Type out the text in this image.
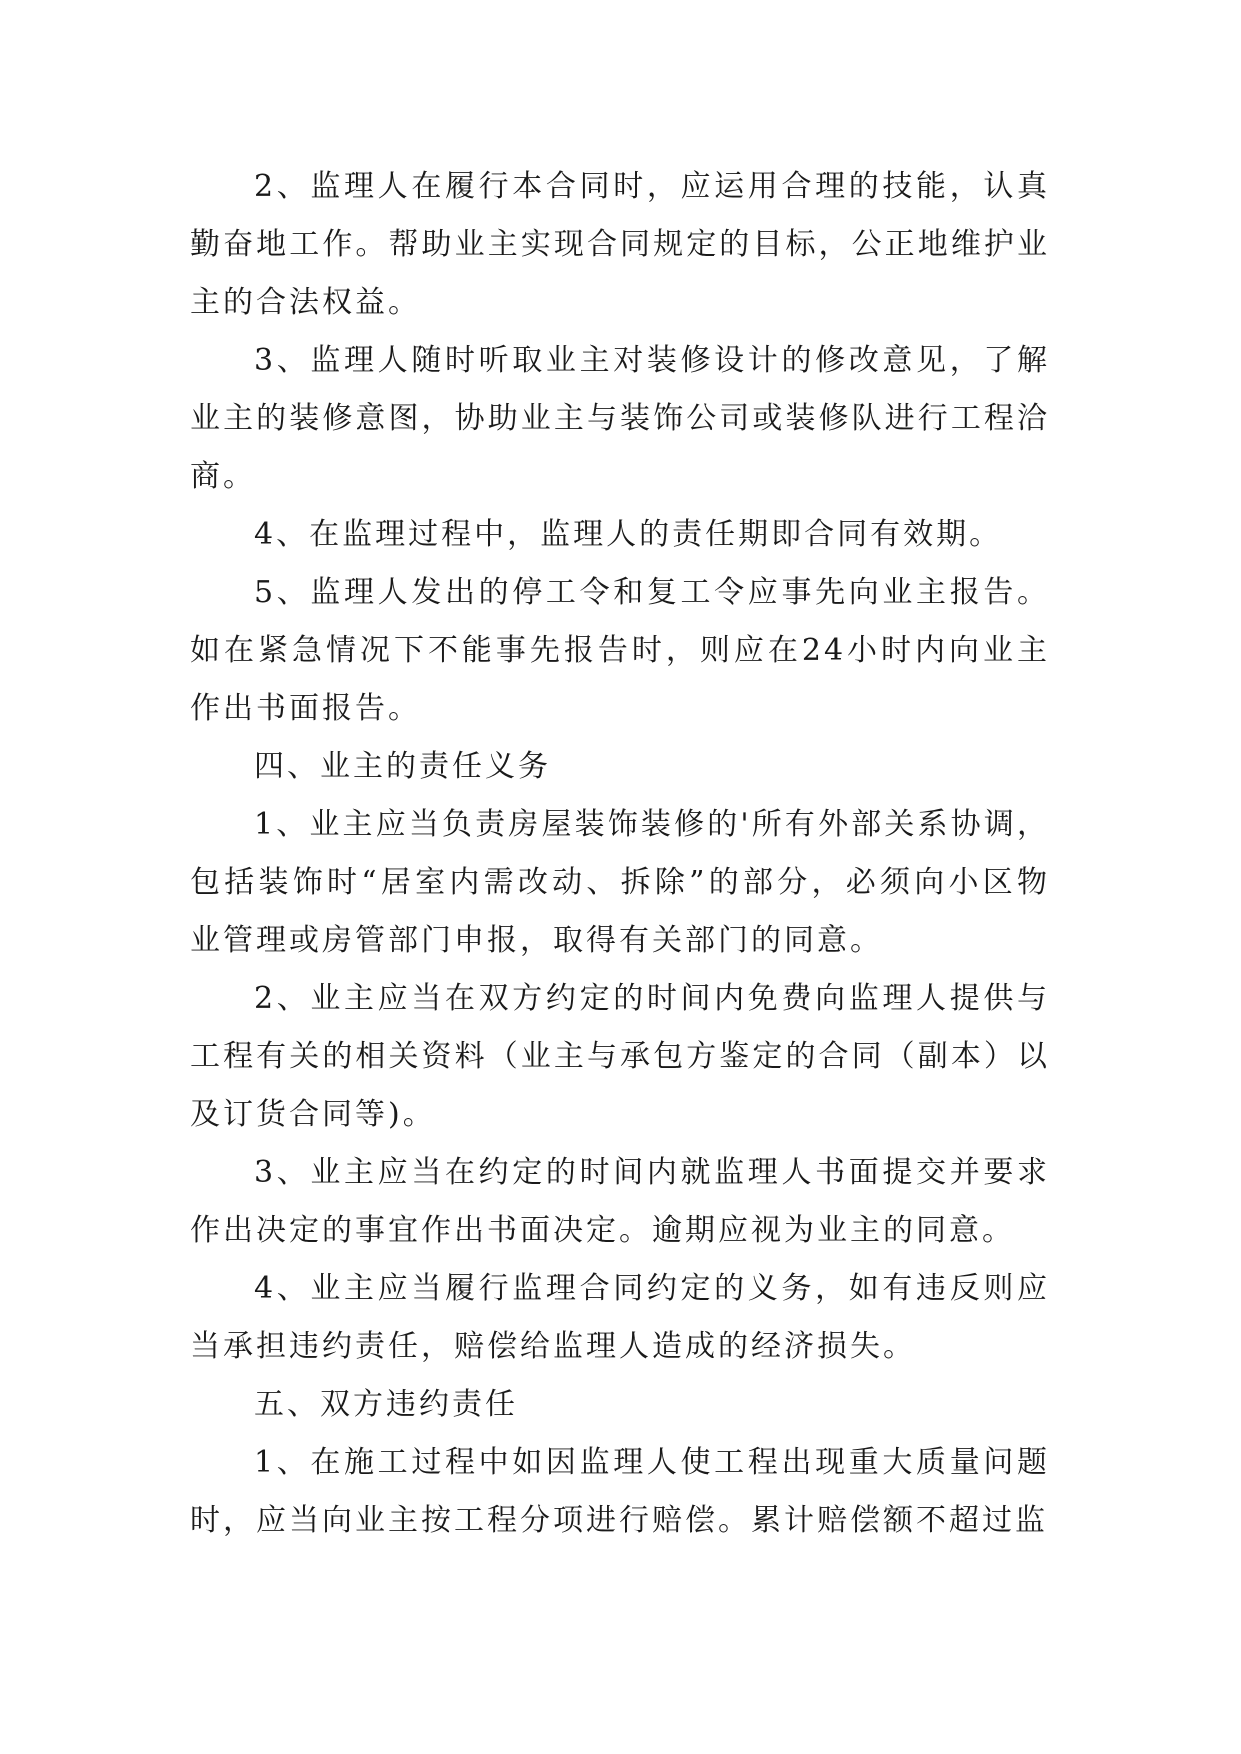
2、监理人在履行本合同时，应运用合理的技能，认真勤奋地工作。帮助业主实现合同规定的目标，公正地维护业主的合法权益。

3、监理人随时听取业主对装修设计的修改意见，了解业主的装修意图，协助业主与装饰公司或装修队进行工程洽商。

4、在监理过程中，监理人的责任期即合同有效期。

5、监理人发出的停工令和复工令应事先向业主报告。如在紧急情况下不能事先报告时，则应在24小时内向业主作出书面报告。

四、业主的责任义务

1、业主应当负责房屋装饰装修的'所有外部关系协调，包括装饰时“居室内需改动、拆除”的部分，必须向小区物业管理或房管部门申报，取得有关部门的同意。

2、业主应当在双方约定的时间内免费向监理人提供与工程有关的相关资料（业主与承包方鉴定的合同（副本）以及订货合同等)。

3、业主应当在约定的时间内就监理人书面提交并要求作出决定的事宜作出书面决定。逾期应视为业主的同意。

4、业主应当履行监理合同约定的义务，如有违反则应当承担违约责任，赔偿给监理人造成的经济损失。

五、双方违约责任

1、在施工过程中如因监理人使工程出现重大质量问题时，应当向业主按工程分项进行赔偿。累计赔偿额不超过监
